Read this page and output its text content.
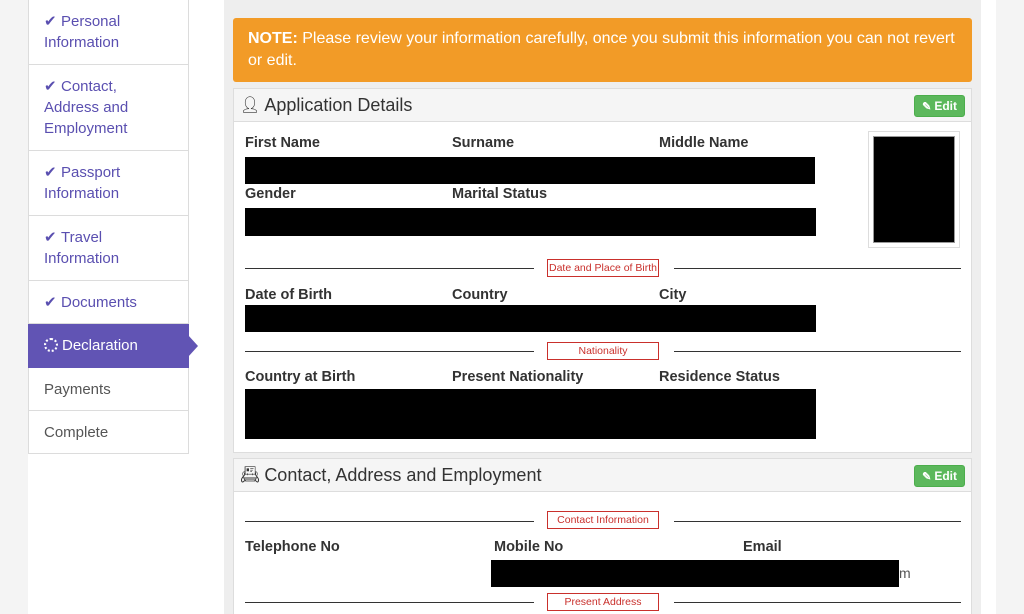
✔ Personal Information
✔ Contact, Address and Employment
✔ Passport Information
✔ Travel Information
✔ Documents
Declaration
Payments
Complete
NOTE: Please review your information carefully, once you submit this information you can not revert or edit.
👤︎ Application Details	✎ Edit
First Name	Surname	Middle Name
Gender	Marital Status
Date and Place of Birth
Date of Birth	Country	City
Nationality
Country at Birth	Present Nationality	Residence Status
📇︎ Contact, Address and Employment	✎ Edit
Contact Information
Telephone No	Mobile No	Email
m
Present Address
